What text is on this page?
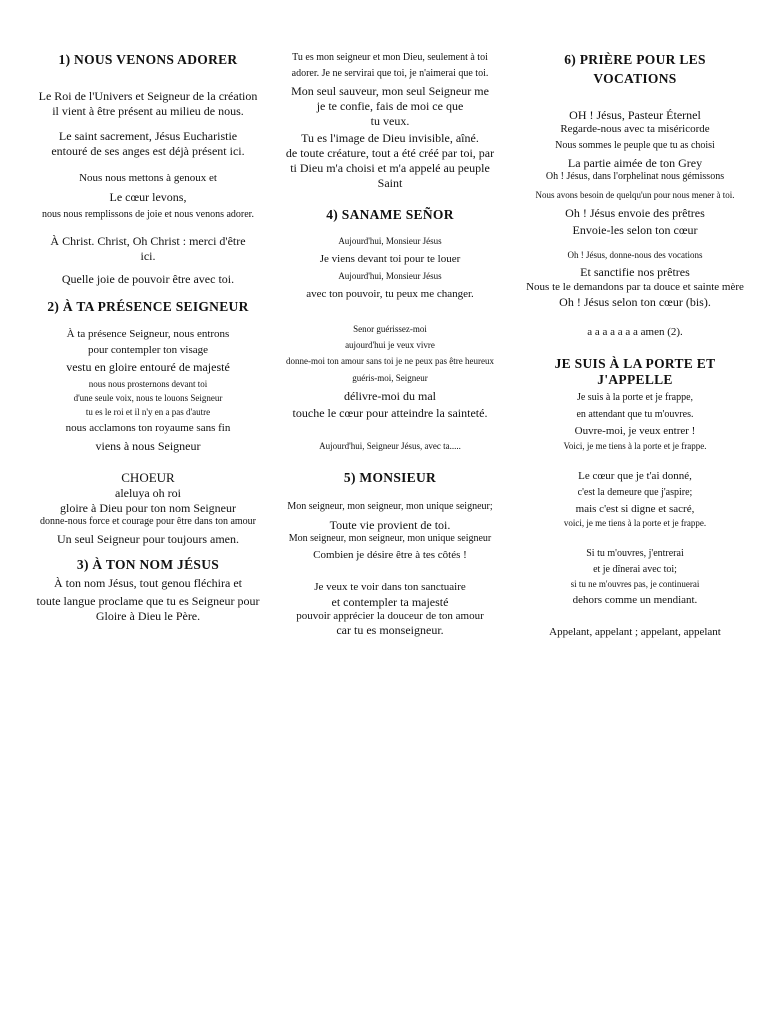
1) NOUS VENONS ADORER
Le Roi de l'Univers et Seigneur de la création
il vient à être présent au milieu de nous.
Le saint sacrement, Jésus Eucharistie
entouré de ses anges est déjà présent ici.
Nous nous mettons à genoux et
Le cœur levons,
nous nous remplissons de joie et nous venons adorer.
À Christ. Christ, Oh Christ : merci d'être
ici.
Quelle joie de pouvoir être avec toi.
2) À TA PRÉSENCE SEIGNEUR
À ta présence Seigneur, nous entrons
pour contempler ton visage
vestu en gloire entouré de majesté
nous nous prosternons devant toi
d'une seule voix, nous te louons Seigneur
tu es le roi et il n'y en a pas d'autre
nous acclamons ton royaume sans fin
viens à nous Seigneur
CHOEUR
aleluya oh roi
gloire à Dieu pour ton nom Seigneur
donne-nous force et courage pour être dans ton amour
Un seul Seigneur pour toujours amen.
3) À TON NOM JÉSUS
À ton nom Jésus, tout genou fléchira et
toute langue proclame que tu es Seigneur pour
Gloire à Dieu le Père.
Tu es mon seigneur et mon Dieu, seulement à toi
adorer. Je ne servirai que toi, je n'aimerai que toi.
Mon seul sauveur, mon seul Seigneur me
je te confie, fais de moi ce que
tu veux.
Tu es l'image de Dieu invisible, aîné.
de toute créature, tout a été créé par toi, par
ti Dieu m'a choisi et m'a appelé au peuple
Saint
4) SANAME SEÑOR
Aujourd'hui, Monsieur Jésus
Je viens devant toi pour te louer
Aujourd'hui, Monsieur Jésus
avec ton pouvoir, tu peux me changer.
Senor guérissez-moi
aujourd'hui je veux vivre
donne-moi ton amour sans toi je ne peux pas être heureux
guéris-moi, Seigneur
délivre-moi du mal
touche le cœur pour atteindre la sainteté.
Aujourd'hui, Seigneur Jésus, avec ta.....
5) MONSIEUR
Mon seigneur, mon seigneur, mon unique seigneur;
Toute vie provient de toi.
Mon seigneur, mon seigneur, mon unique seigneur
Combien je désire être à tes côtés !
Je veux te voir dans ton sanctuaire
et contempler ta majesté
pouvoir apprécier la douceur de ton amour
car tu es monseigneur.
6) PRIÈRE POUR LES
VOCATIONS
OH ! Jésus, Pasteur Éternel
Regarde-nous avec ta miséricorde
Nous sommes le peuple que tu as choisi
La partie aimée de ton Grey
Oh ! Jésus, dans l'orphelinat nous gémissons
Nous avons besoin de quelqu'un pour nous mener à toi.
Oh ! Jésus envoie des prêtres
Envoie-les selon ton cœur
Oh ! Jésus, donne-nous des vocations
Et sanctifie nos prêtres
Nous te le demandons par ta douce et sainte mère
Oh ! Jésus selon ton cœur (bis).
a a a a a a a amen (2).
JE SUIS À LA PORTE ET
J'APPELLE
Je suis à la porte et je frappe,
en attendant que tu m'ouvres.
Ouvre-moi, je veux entrer !
Voici, je me tiens à la porte et je frappe.
Le cœur que je t'ai donné,
c'est la demeure que j'aspire;
mais c'est si digne et sacré,
voici, je me tiens à la porte et je frappe.
Si tu m'ouvres, j'entrerai
et je dînerai avec toi;
si tu ne m'ouvres pas, je continuerai
dehors comme un mendiant.
Appelant, appelant ; appelant, appelant
